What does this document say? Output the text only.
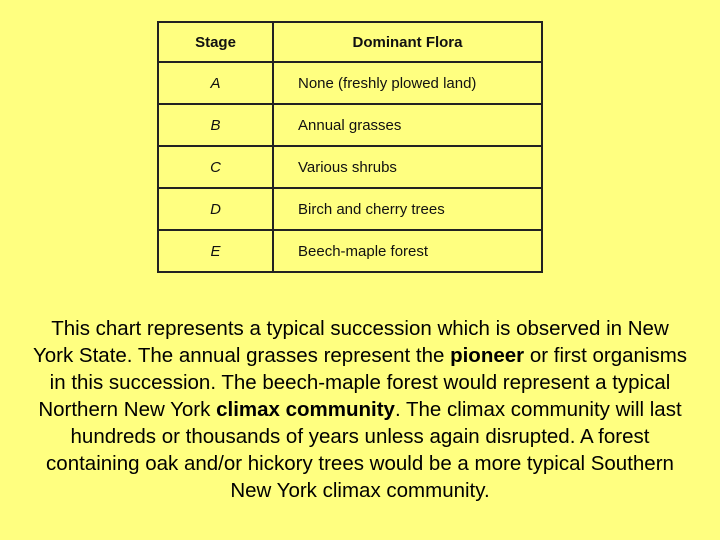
Stage	Dominant Flora
A	None (freshly plowed land)
B	Annual grasses
C	Various shrubs
D	Birch and cherry trees
E	Beech-maple forest

This chart represents a typical succession which is observed in New York State. The annual grasses represent the pioneer or first organisms in this succession. The beech-maple forest would represent a typical Northern New York climax community. The climax community will last hundreds or thousands of years unless again disrupted. A forest containing oak and/or hickory trees would be a more typical Southern New York climax community.
